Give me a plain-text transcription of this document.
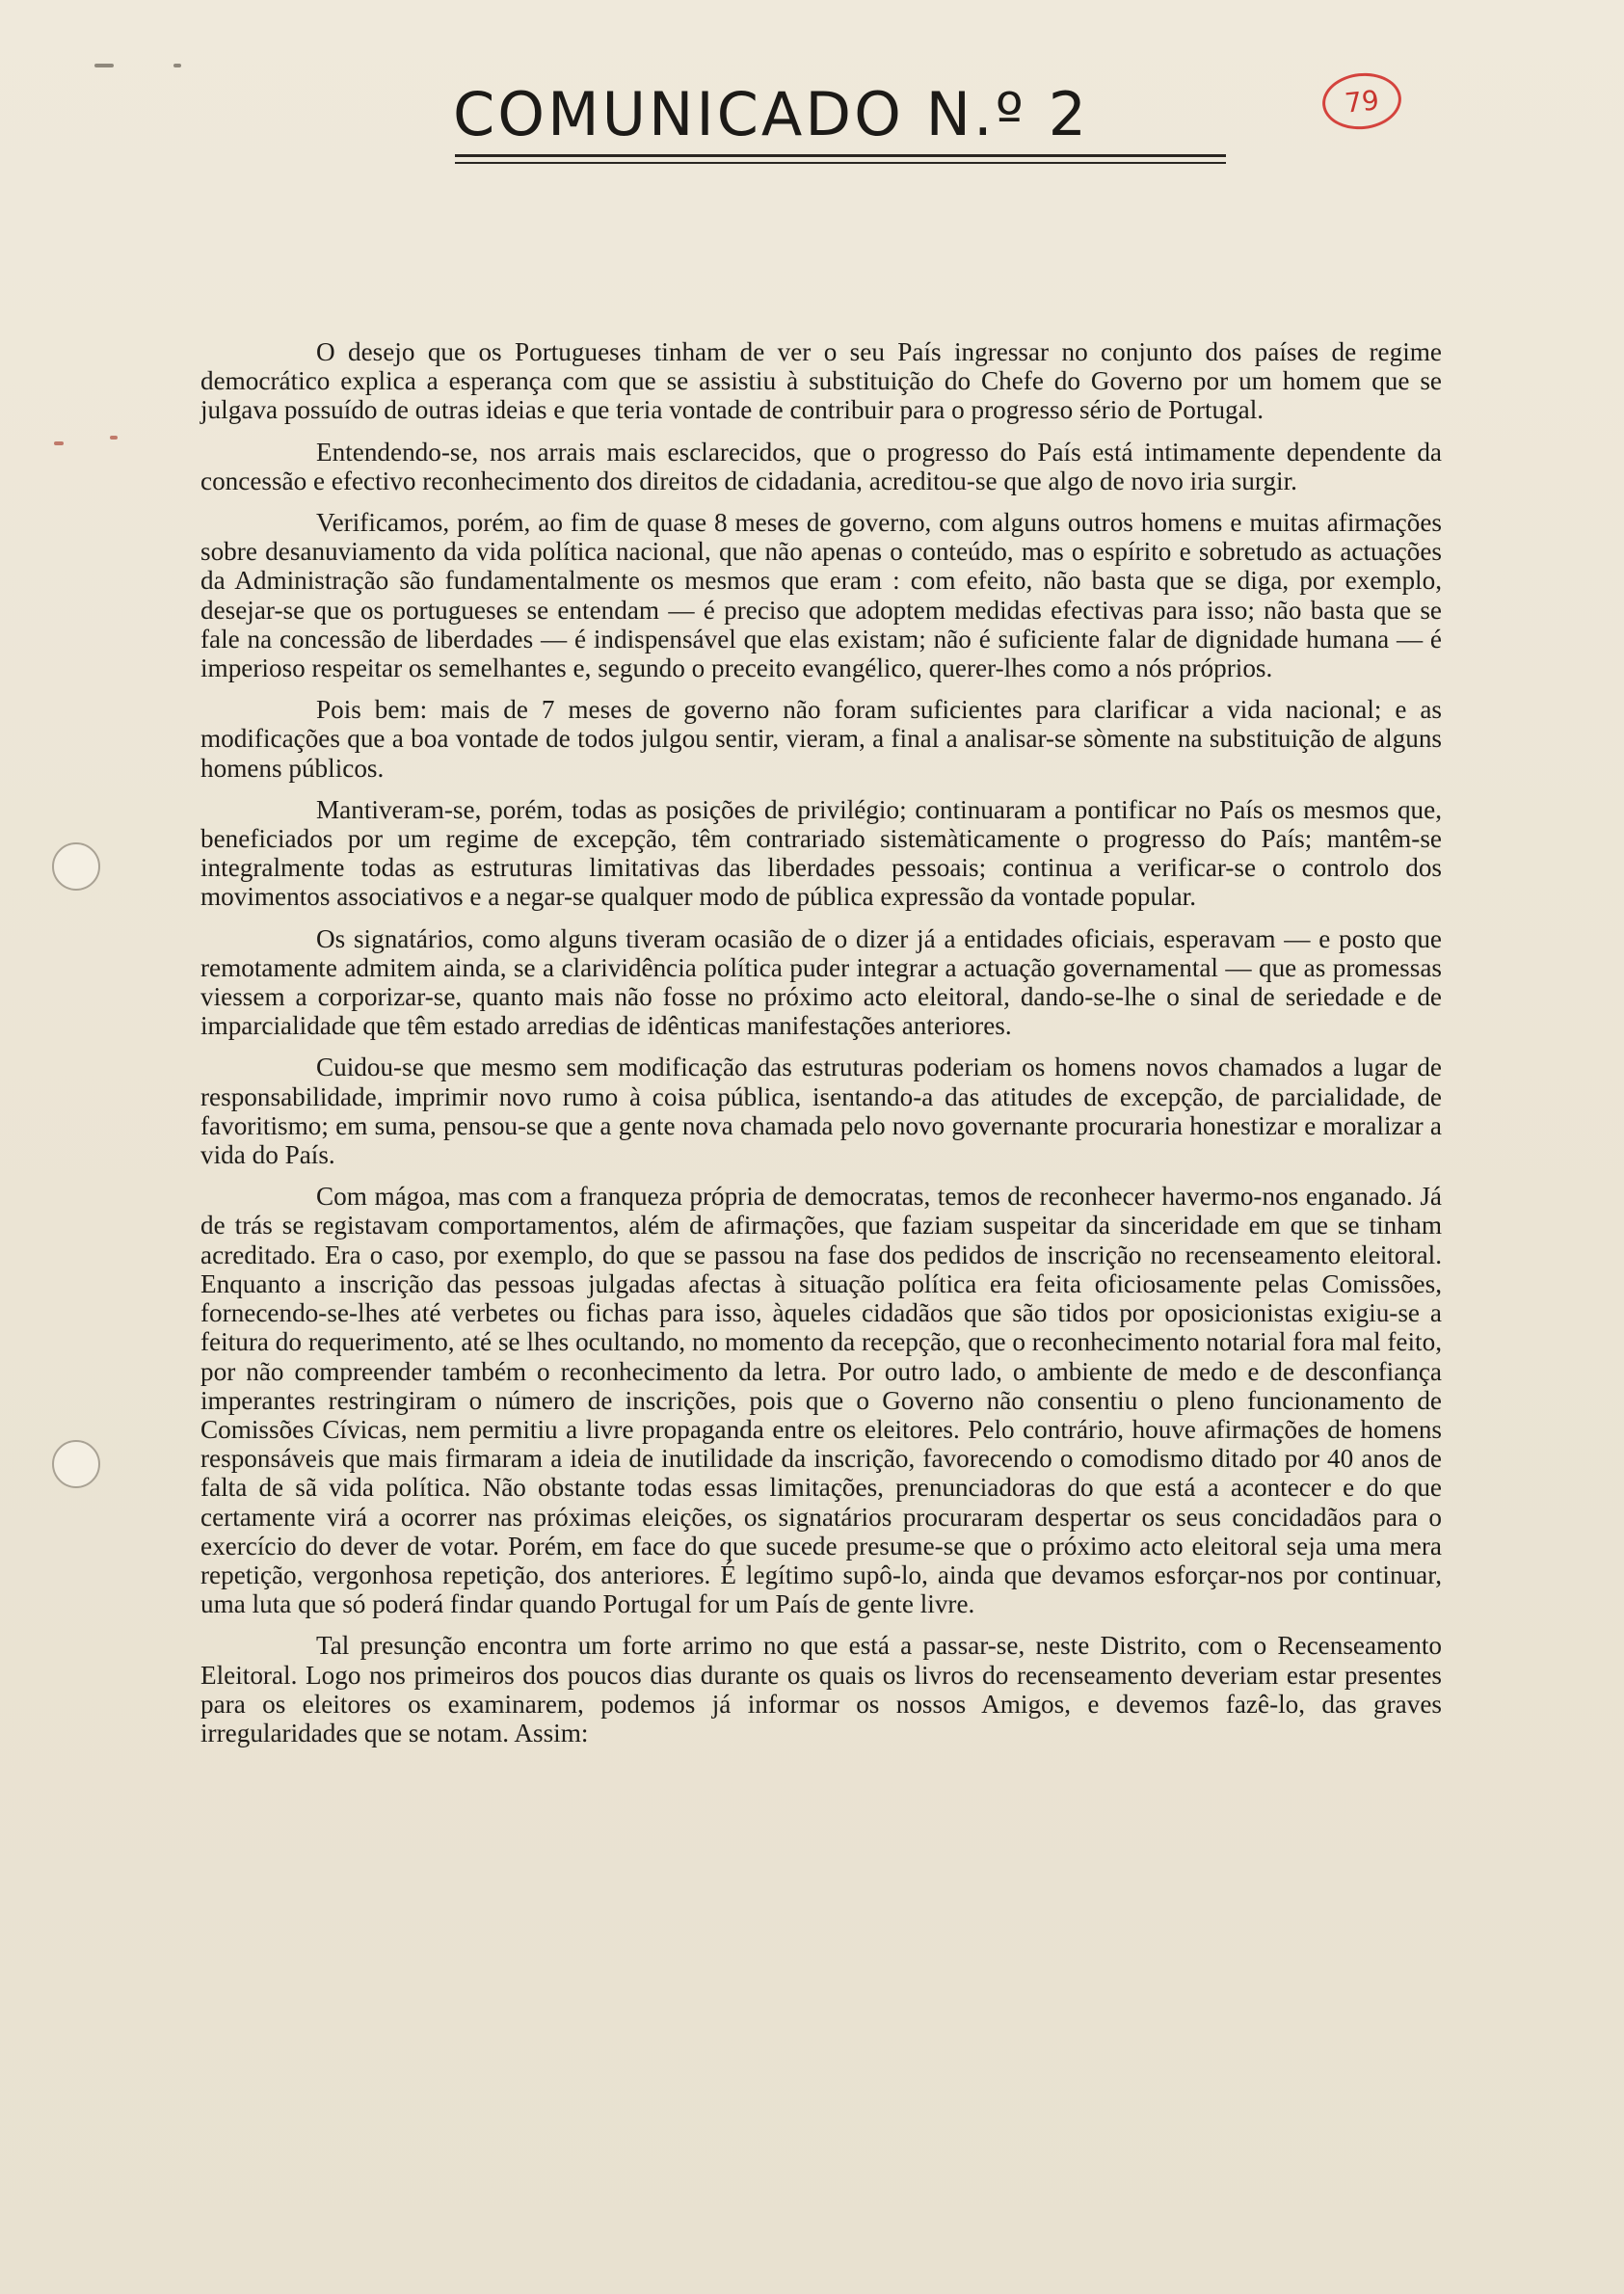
79
COMUNICADO N.º 2

O desejo que os Portugueses tinham de ver o seu País ingressar no conjunto dos países de regime democrático explica a esperança com que se assistiu à substituição do Chefe do Governo por um homem que se julgava possuído de outras ideias e que teria vontade de contribuir para o progresso sério de Portugal.

Entendendo-se, nos arrais mais esclarecidos, que o progresso do País está intimamente dependente da concessão e efectivo reconhecimento dos direitos de cidadania, acreditou-se que algo de novo iria surgir.

Verificamos, porém, ao fim de quase 8 meses de governo, com alguns outros homens e muitas afirmações sobre desanuviamento da vida política nacional, que não apenas o conteúdo, mas o espírito e sobretudo as actuações da Administração são fundamentalmente os mesmos que eram : com efeito, não basta que se diga, por exemplo, desejar-se que os portugueses se entendam — é preciso que adoptem medidas efectivas para isso; não basta que se fale na concessão de liberdades — é indispensável que elas existam; não é suficiente falar de dignidade humana — é imperioso respeitar os semelhantes e, segundo o preceito evangélico, querer-lhes como a nós próprios.

Pois bem: mais de 7 meses de governo não foram suficientes para clarificar a vida nacional; e as modificações que a boa vontade de todos julgou sentir, vieram, a final a analisar-se sòmente na substituição de alguns homens públicos.

Mantiveram-se, porém, todas as posições de privilégio; continuaram a pontificar no País os mesmos que, beneficiados por um regime de excepção, têm contrariado sistemàticamente o progresso do País; mantêm-se integralmente todas as estruturas limitativas das liberdades pessoais; continua a verificar-se o controlo dos movimentos associativos e a negar-se qualquer modo de pública expressão da vontade popular.

Os signatários, como alguns tiveram ocasião de o dizer já a entidades oficiais, esperavam — e posto que remotamente admitem ainda, se a clarividência política puder integrar a actuação governamental — que as promessas viessem a corporizar-se, quanto mais não fosse no próximo acto eleitoral, dando-se-lhe o sinal de seriedade e de imparcialidade que têm estado arredias de idênticas manifestações anteriores.

Cuidou-se que mesmo sem modificação das estruturas poderiam os homens novos chamados a lugar de responsabilidade, imprimir novo rumo à coisa pública, isentando-a das atitudes de excepção, de parcialidade, de favoritismo; em suma, pensou-se que a gente nova chamada pelo novo governante procuraria honestizar e moralizar a vida do País.

Com mágoa, mas com a franqueza própria de democratas, temos de reconhecer havermo-nos enganado. Já de trás se registavam comportamentos, além de afirmações, que faziam suspeitar da sinceridade em que se tinham acreditado. Era o caso, por exemplo, do que se passou na fase dos pedidos de inscrição no recenseamento eleitoral. Enquanto a inscrição das pessoas julgadas afectas à situação política era feita oficiosamente pelas Comissões, fornecendo-se-lhes até verbetes ou fichas para isso, àqueles cidadãos que são tidos por oposicionistas exigiu-se a feitura do requerimento, até se lhes ocultando, no momento da recepção, que o reconhecimento notarial fora mal feito, por não compreender também o reconhecimento da letra. Por outro lado, o ambiente de medo e de desconfiança imperantes restringiram o número de inscrições, pois que o Governo não consentiu o pleno funcionamento de Comissões Cívicas, nem permitiu a livre propaganda entre os eleitores. Pelo contrário, houve afirmações de homens responsáveis que mais firmaram a ideia de inutilidade da inscrição, favorecendo o comodismo ditado por 40 anos de falta de sã vida política. Não obstante todas essas limitações, prenunciadoras do que está a acontecer e do que certamente virá a ocorrer nas próximas eleições, os signatários procuraram despertar os seus concidadãos para o exercício do dever de votar. Porém, em face do que sucede presume-se que o próximo acto eleitoral seja uma mera repetição, vergonhosa repetição, dos anteriores. É legítimo supô-lo, ainda que devamos esforçar-nos por continuar, uma luta que só poderá findar quando Portugal for um País de gente livre.

Tal presunção encontra um forte arrimo no que está a passar-se, neste Distrito, com o Recenseamento Eleitoral. Logo nos primeiros dos poucos dias durante os quais os livros do recenseamento deveriam estar presentes para os eleitores os examinarem, podemos já informar os nossos Amigos, e devemos fazê-lo, das graves irregularidades que se notam. Assim:
